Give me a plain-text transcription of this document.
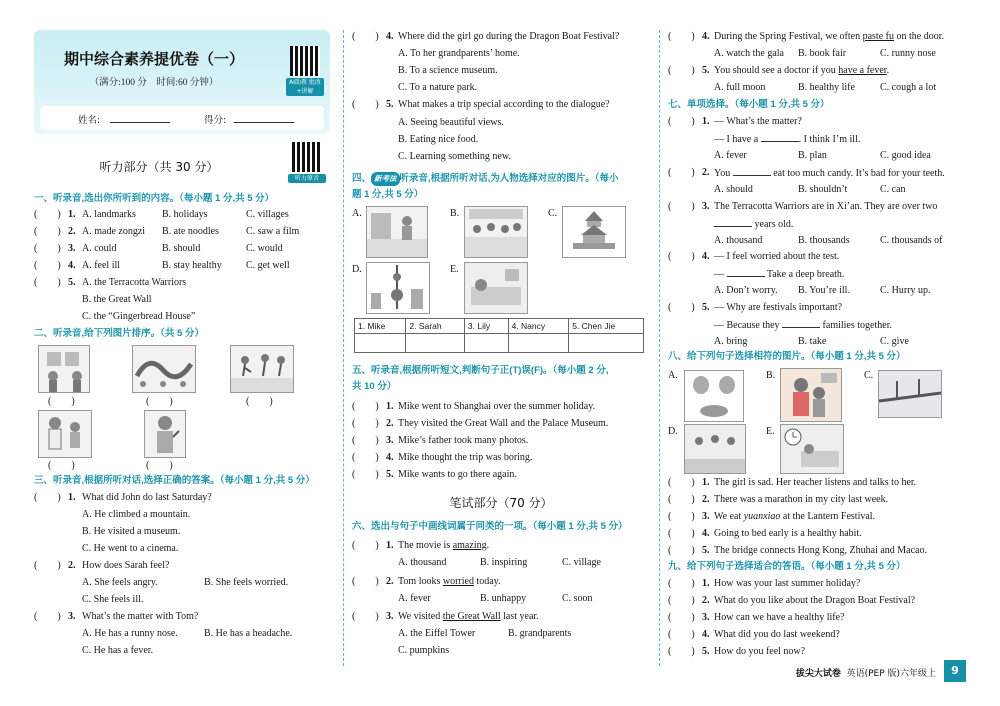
期中综合素养提优卷（一）
（满分:100 分　时间:60 分钟）	AI助教 批改+讲解
姓名:	得分:
听力部分（共 30 分）
听力原音
一、听录音,选出你所听到的内容。（每小题 1 分,共 5 分）
(　　) 1. A. landmarks	B. holidays	C. villages
(　　) 2. A. made zongzi B. ate noodles	C. saw a film
(　　) 3. A. could	B. should	C. would
(　　) 4. A. feel ill	B. stay healthy C. get well
(　　) 5. A. the Terracotta Warriors
B. the Great Wall
C. the “Gingerbread House”
二、听录音,给下列图片排序。（共 5 分）
(　　)	(　　)	(　　)
(　　)	(　　)
三、听录音,根据所听对话,选择正确的答案。（每小题 1 分,共 5 分）
(　　) 1. What did John do last Saturday?
A. He climbed a mountain.
B. He visited a museum.
C. He went to a cinema.
(　　) 2. How does Sarah feel?
A. She feels angry.	B. She feels worried.
C. She feels ill.
(　　) 3. What’s the matter with Tom?
A. He has a runny nose.	B. He has a headache.
C. He has a fever.
(　　) 4. Where did the girl go during the Dragon Boat Festival?
A. To her grandparents’ home.
B. To a science museum.
C. To a nature park.
(　　) 5. What makes a trip special according to the dialogue?
A. Seeing beautiful views.
B. Eating nice food.
C. Learning something new.
四、 新考法 听录音,根据所听对话,为人物选择对应的图片。（每小
题 1 分,共 5 分）
A.	B.	C.
D.	E.
1. Mike	2. Sarah	3. Lily	4. Nancy	5. Chen Jie

五、听录音,根据所听短文,判断句子正(T)误(F)。（每小题 2 分,
共 10 分）
(　　) 1. Mike went to Shanghai over the summer holiday.
(　　) 2. They visited the Great Wall and the Palace Museum.
(　　) 3. Mike’s father took many photos.
(　　) 4. Mike thought the trip was boring.
(　　) 5. Mike wants to go there again.
笔试部分（70 分）
六、选出与句子中画线词属于同类的一项。（每小题 1 分,共 5 分）
(　　) 1. The movie is amazing.
A. thousand	B. inspiring	C. village
(　　) 2. Tom looks worried today.
A. fever	B. unhappy	C. soon
(　　) 3. We visited the Great Wall last year.
A. the Eiffel Tower	B. grandparents
C. pumpkins
(　　) 4. During the Spring Festival, we often paste fu on the door.
A. watch the gala B. book fair	C. runny nose
(　　) 5. You should see a doctor if you have a fever.
A. full moon	B. healthy life	C. cough a lot
七、单项选择。（每小题 1 分,共 5 分）
(　　) 1. — What’s the matter?
— I have a	. I think I’m ill.
A. fever	B. plan	C. good idea
(　　) 2. You	eat too much candy. It’s bad for your teeth.
A. should	B. shouldn’t	C. can
(　　) 3. The Terracotta Warriors are in Xi’an. They are over two
years old.
A. thousand	B. thousands	C. thousands of
(　　) 4. — I feel worried about the test.
—	Take a deep breath.
A. Don’t worry. B. You’re ill.	C. Hurry up.
(　　) 5. — Why are festivals important?
— Because they	families together.
A. bring	B. take	C. give
八、给下列句子选择相符的图片。（每小题 1 分,共 5 分）
A.	B.	C.
D.	E.
(　　) 1. The girl is sad. Her teacher listens and talks to her.
(　　) 2. There was a marathon in my city last week.
(　　) 3. We eat yuanxiao at the Lantern Festival.
(　　) 4. Going to bed early is a healthy habit.
(　　) 5. The bridge connects Hong Kong, Zhuhai and Macao.
九、给下列句子选择适合的答语。（每小题 1 分,共 5 分）
(　　) 1. How was your last summer holiday?
(　　) 2. What do you like about the Dragon Boat Festival?
(　　) 3. How can we have a healthy life?
(　　) 4. What did you do last weekend?
(　　) 5. How do you feel now?
拔尖大试卷 英语(PEP 版)六年级上	9
